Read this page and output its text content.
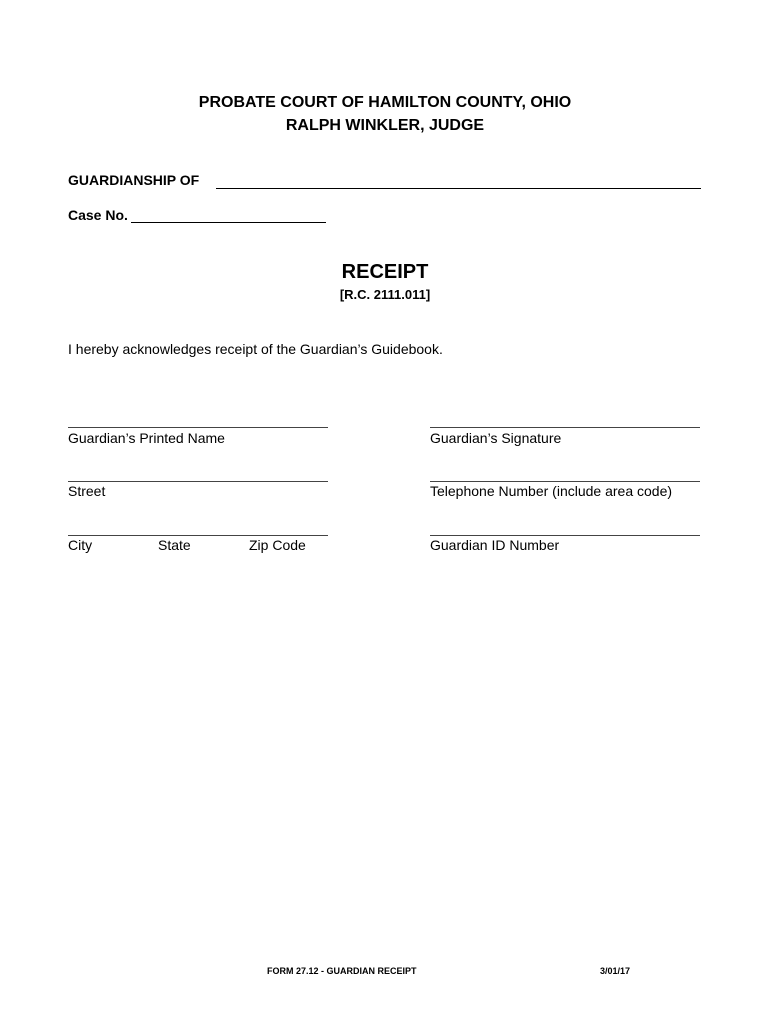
PROBATE COURT OF HAMILTON COUNTY, OHIO
RALPH WINKLER, JUDGE
GUARDIANSHIP OF
Case No.
RECEIPT
[R.C. 2111.011]
I hereby acknowledges receipt of the Guardian’s Guidebook.
Guardian’s Printed Name	Guardian’s Signature
Street	Telephone Number (include area code)
City	State	Zip Code	Guardian ID Number
FORM 27.12 - GUARDIAN RECEIPT	3/01/17
